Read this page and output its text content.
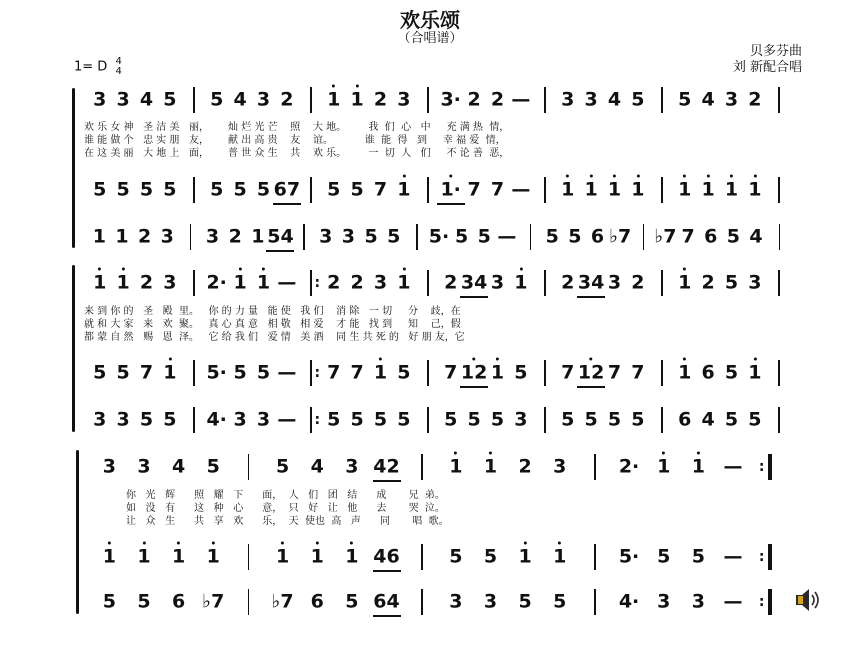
欢乐颂
（合唱谱）
1= D 4
4
贝多芬曲
刘 新配合唱
3 3 4 5 5 4 3 2 1 1 2 3 3· 2 2 — 3 3 4 5 5 4 3 2
5 5 5 5 5 5 5 67 5 5 7 1 1· 7 7 — 1 1 1 1 1 1 1 1
1 1 2 3 3 2 1 54 3 3 5 5 5· 5 5 — 5 5 6 ♭7 ♭7 7 6 5 4
1 1 2 3 2· 1 1 — : 2 2 3 1 2 34 3 1 2 34 3 2 1 2 5 3
5 5 7 1 5· 5 5 — : 7 7 1 5 7 12 1 5 7 12 7 7 1 6 5 1
3 3 5 5 4· 3 3 — : 5 5 5 5 5 5 5 3 5 5 5 5 6 4 5 5
3 3 4 5	5 4 3 42	1 1 2 3	2· 1 1 — :
1 1 1 1	1 1 1 46	5 5 1 1	5· 5 5 — :
5 5 6 ♭7 ♭7 6 5 64	3 3 5 5	4· 3 3 — :
欢 乐 女 神   圣 洁 美   丽，      灿 烂 光 芒    照    大 地。       我  们  心   中     充 满 热  情，
谁 能 做 个   忠 实 朋   友，      献 出 高 贵    友    谊。          谁  能  得   到     幸 福 爱  情，
在 这 美 丽   大 地 上   面，      普 世 众 生    共    欢 乐。       一  切  人   们     不 论 善  恶，
来 到 你 的   圣   殿  里。   你 的 力 量   能 使   我 们    消 除   一 切     分    歧，在
就 和 大 家   来   欢  聚。   真 心 真 意   相 敬   相 爱    才 能   找 到     知    己，假
都 蒙 自 然   赐   恩  泽。   它 给 我 们   爱 情   美 酒    同 生 共 死 的   好 朋 友，它
你   光   辉      照   耀   下      面，  人   们   团   结      成       兄  弟。
如   没   有      这   种   心      意，  只   好   让   他      去       哭  泣。
让   众   生      共   享   欢      乐，  天  使也  高   声      同       唱  歌。
